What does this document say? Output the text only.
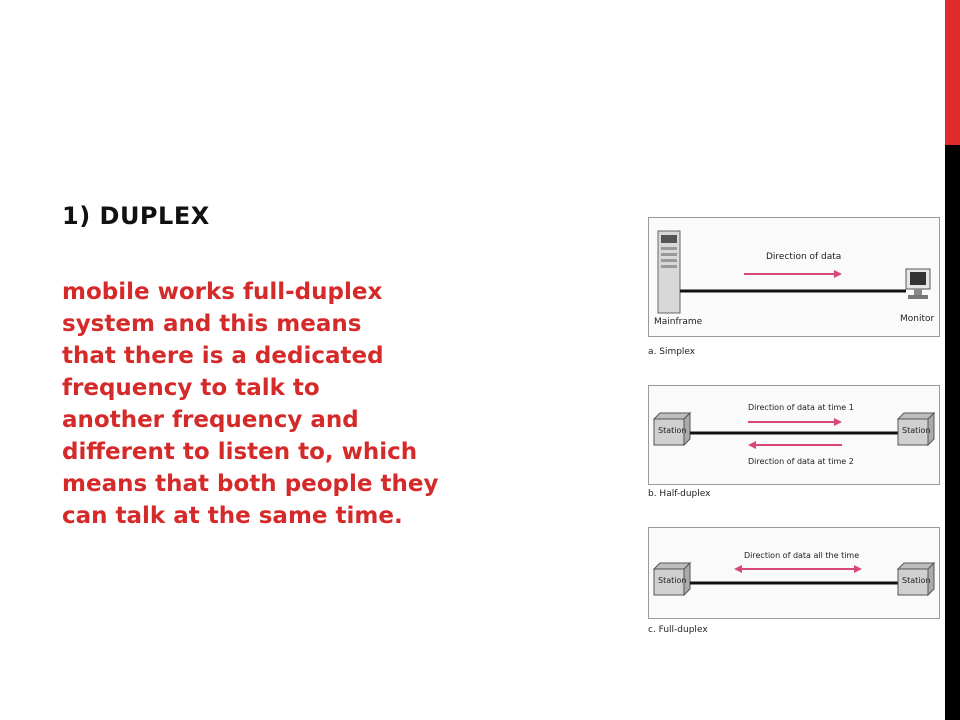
1) DUPLEX
mobile works full-duplex
system and this means
that there is a dedicated
frequency to talk to
another frequency and
different to listen to, which
means that both people they
can talk at the same time.
Direction of data
Mainframe	Monitor
a. Simplex
Station	Station
Direction of data at time 1
Direction of data at time 2
b. Half-duplex
Station	Station
Direction of data all the time
c. Full-duplex
